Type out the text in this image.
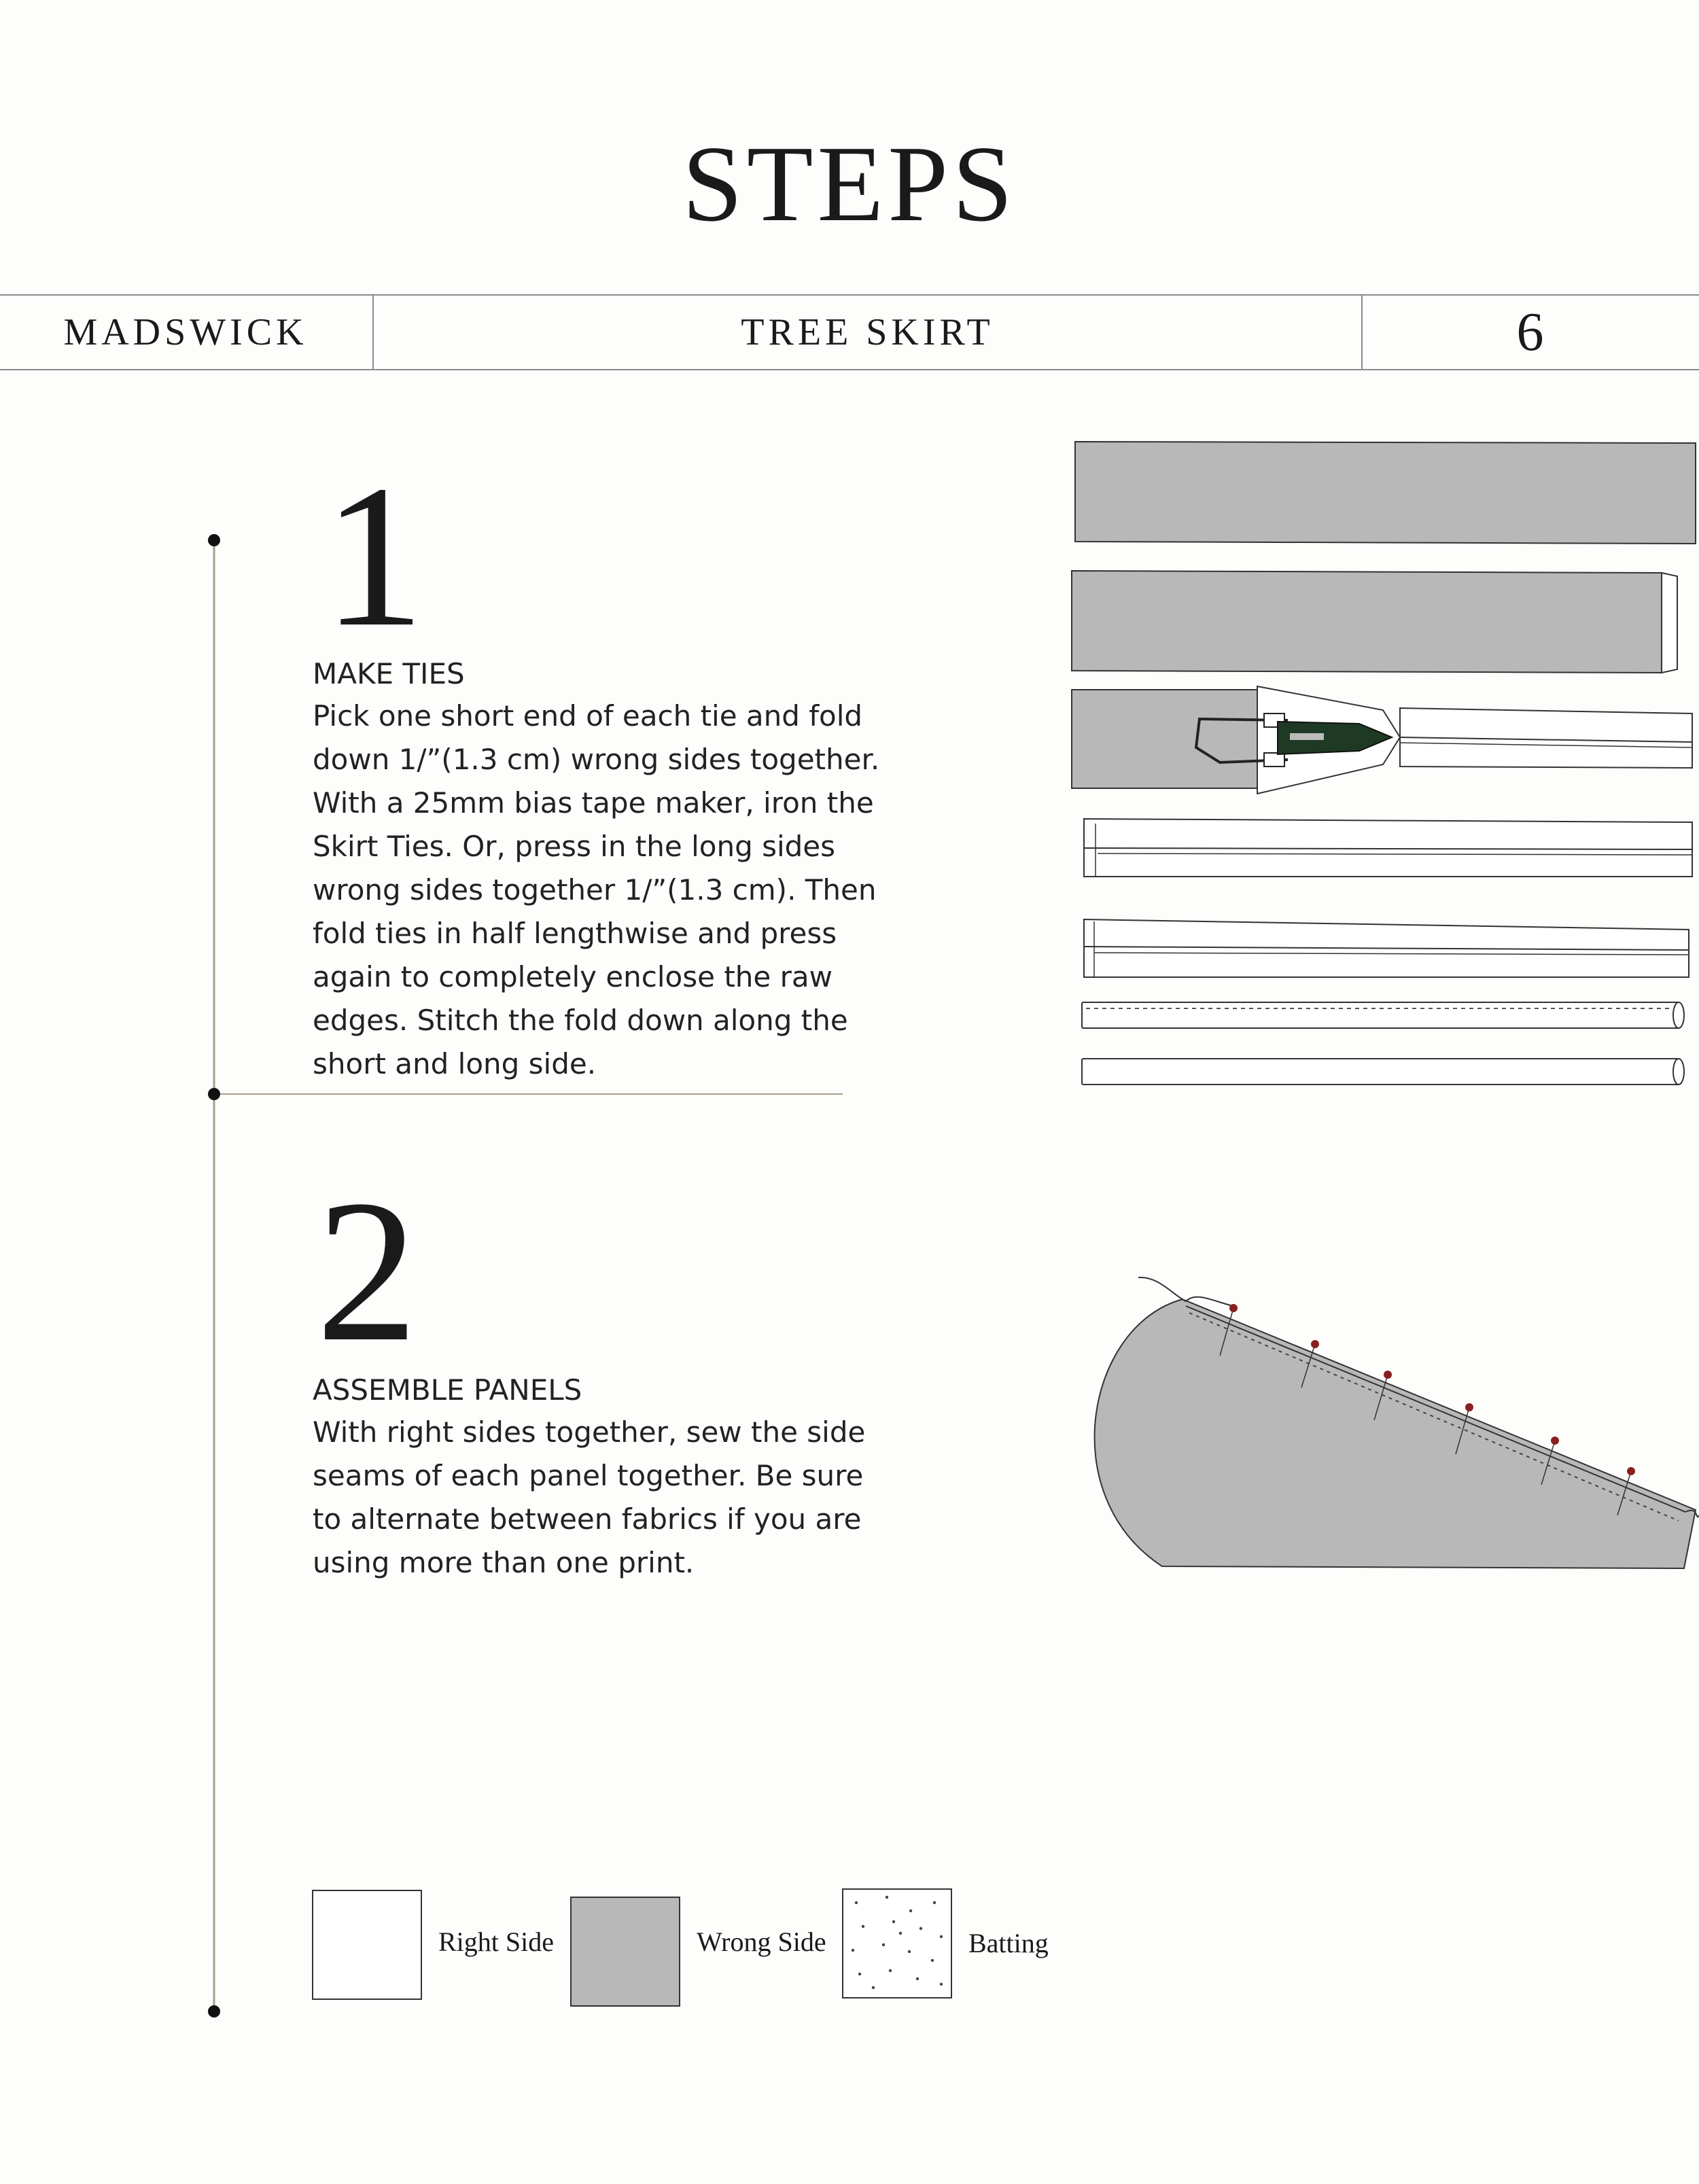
STEPS
MADSWICK	TREE SKIRT	6
1
MAKE TIES

Pick one short end of each tie and fold
down 1/”(1.3 cm) wrong sides together.
With a 25mm bias tape maker, iron the
Skirt Ties. Or, press in the long sides
wrong sides together 1/”(1.3 cm). Then
fold ties in half lengthwise and press
again to completely enclose the raw
edges. Stitch the fold down along the
short and long side.

2
ASSEMBLE PANELS

With right sides together, sew the side
seams of each panel together. Be sure
to alternate between fabrics if you are
using more than one print.

Right Side	Wrong Side	Batting
